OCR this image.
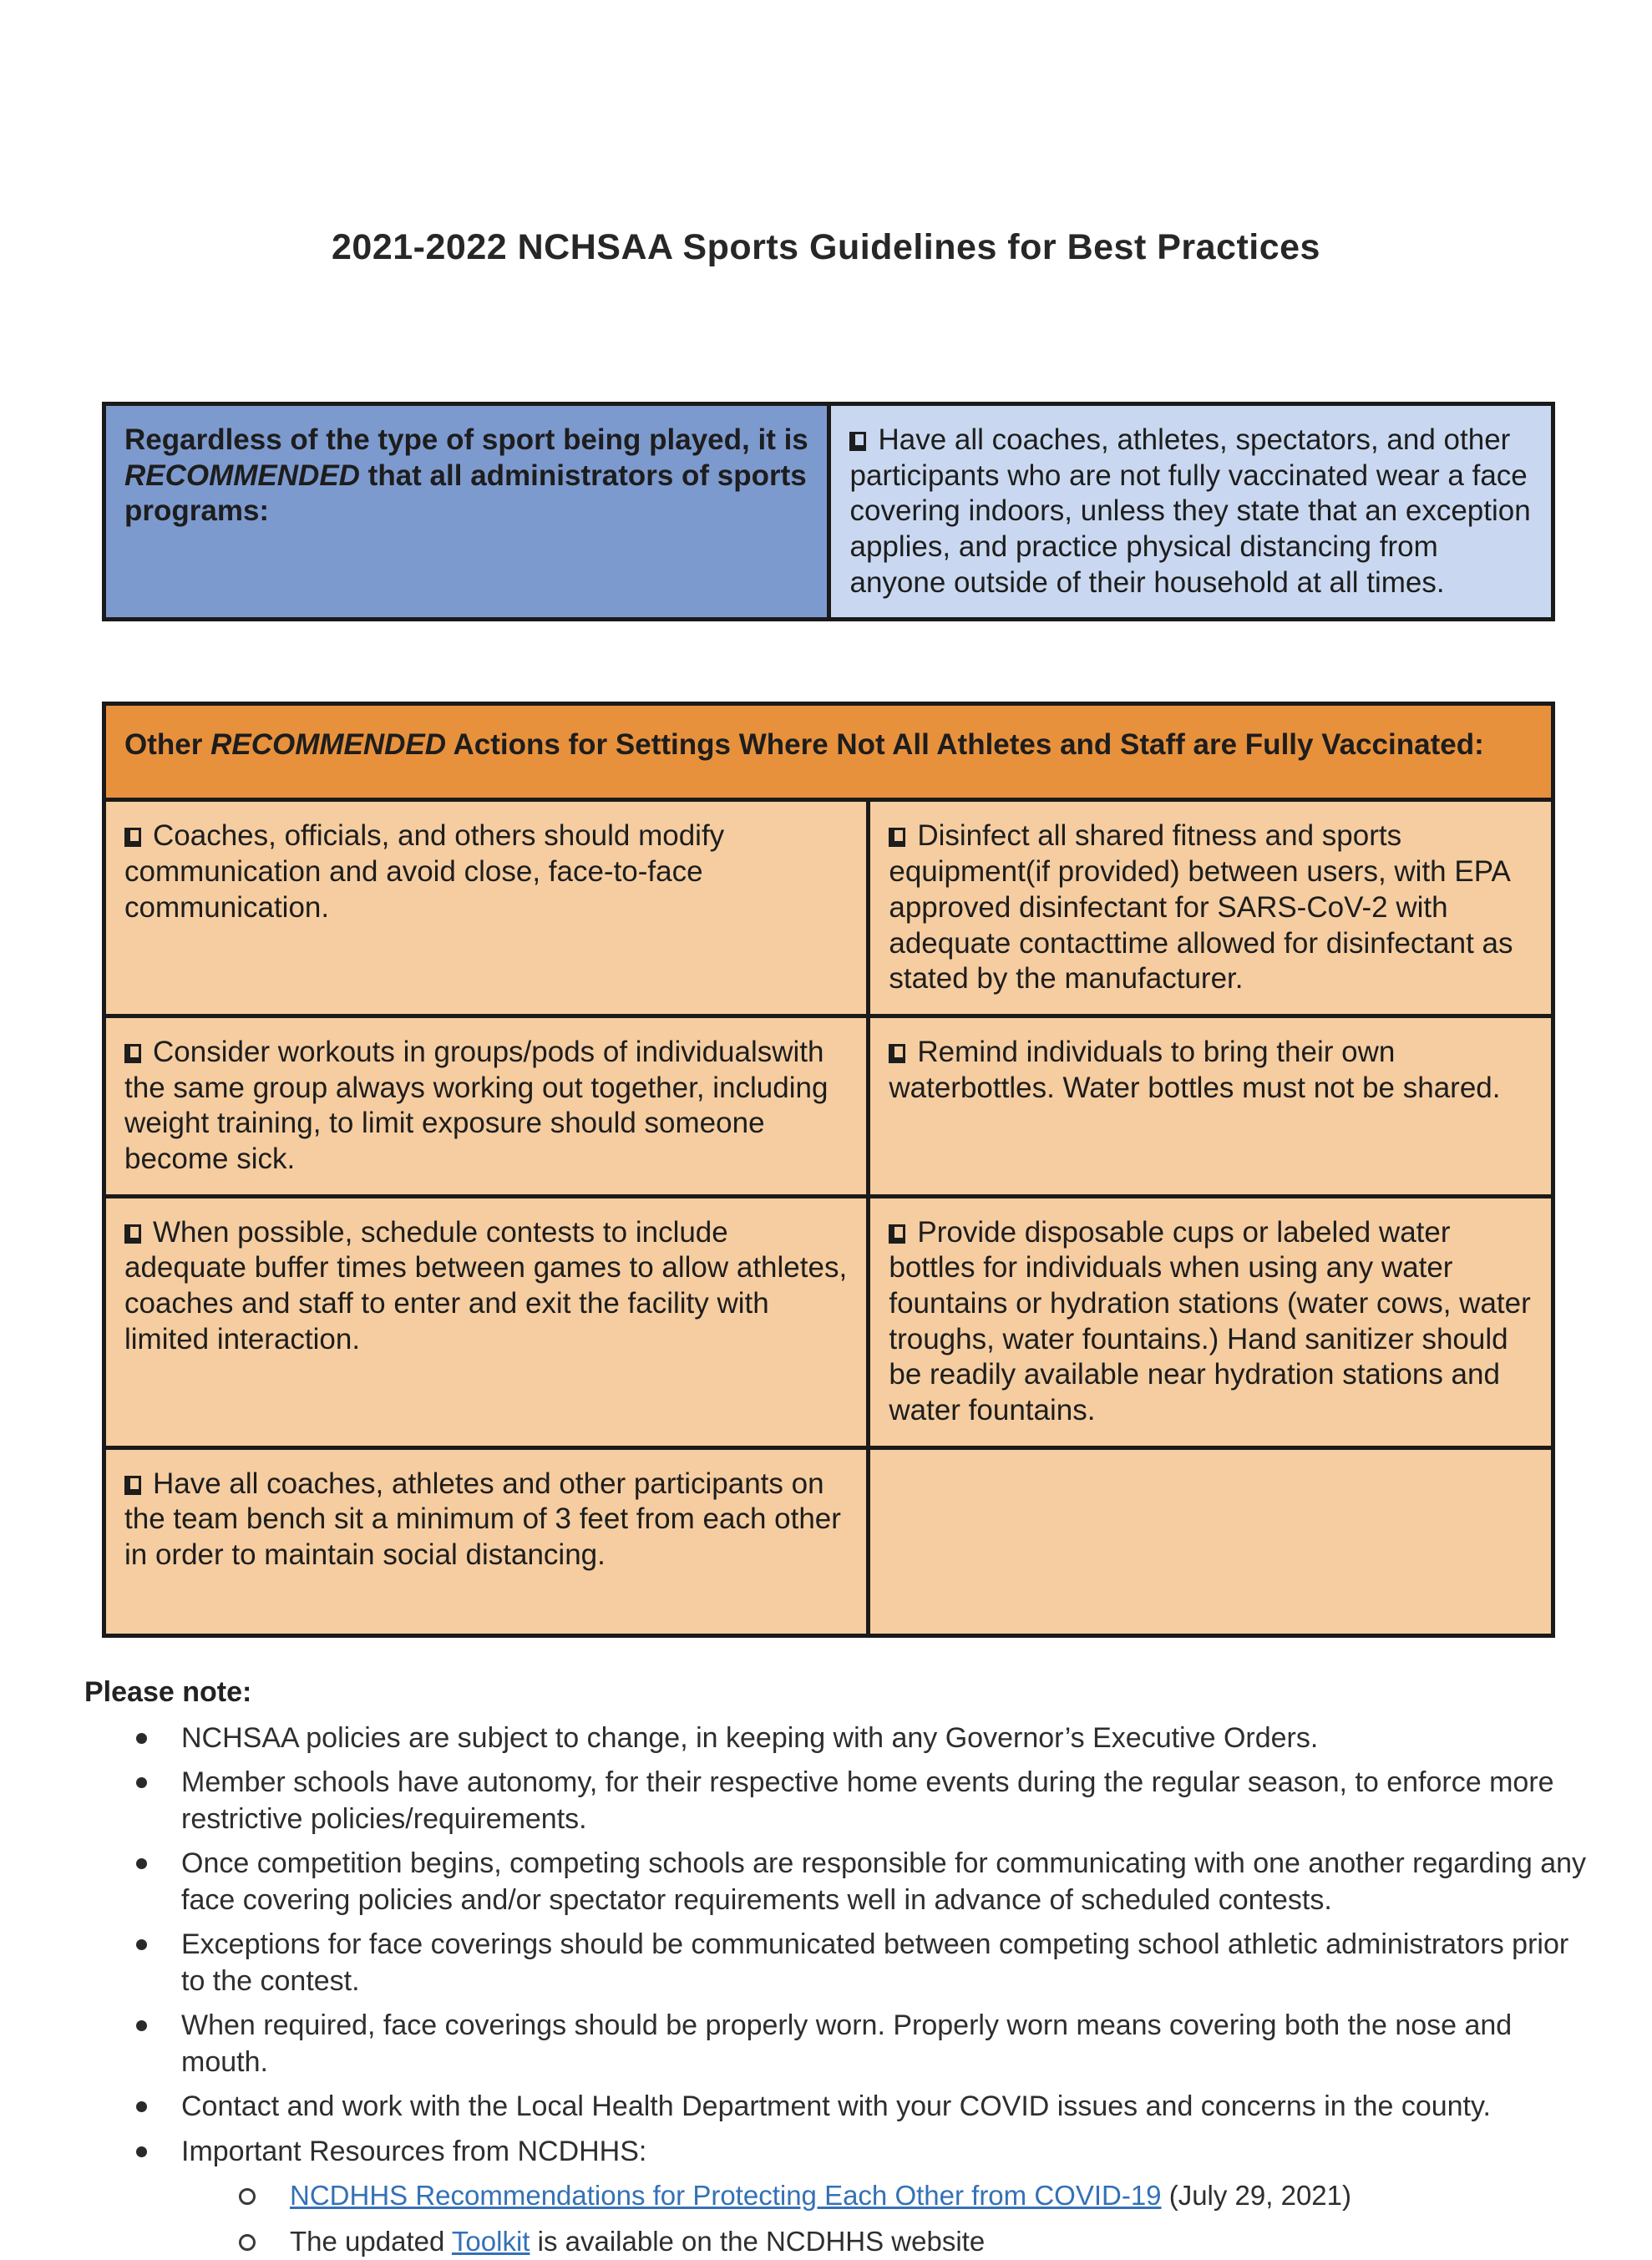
2021-2022 NCHSAA Sports Guidelines for Best Practices
Regardless of the type of sport being played, it is RECOMMENDED that all administrators of sports programs:
Have all coaches, athletes, spectators, and other participants who are not fully vaccinated wear a face covering indoors, unless they state that an exception applies, and practice physical distancing from anyone outside of their household at all times.
Other RECOMMENDED Actions for Settings Where Not All Athletes and Staff are Fully Vaccinated:
Coaches, officials, and others should modify communication and avoid close, face-to-face communication.
Disinfect all shared fitness and sports equipment(if provided) between users, with EPA approved disinfectant for SARS-CoV-2 with adequate contacttime allowed for disinfectant as stated by the manufacturer.
Consider workouts in groups/pods of individualswith the same group always working out together, including weight training, to limit exposure should someone become sick.
Remind individuals to bring their own waterbottles. Water bottles must not be shared.
When possible, schedule contests to include adequate buffer times between games to allow athletes, coaches and staff to enter and exit the facility with limited interaction.
Provide disposable cups or labeled water bottles for individuals when using any water fountains or hydration stations (water cows, water troughs, water fountains.) Hand sanitizer should be readily available near hydration stations and water fountains.
Have all coaches, athletes and other participants on the team bench sit a minimum of 3 feet from each other in order to maintain social distancing.
Please note:
NCHSAA policies are subject to change, in keeping with any Governor’s Executive Orders.
Member schools have autonomy, for their respective home events during the regular season, to enforce more restrictive policies/requirements.
Once competition begins, competing schools are responsible for communicating with one another regarding any face covering policies and/or spectator requirements well in advance of scheduled contests.
Exceptions for face coverings should be communicated between competing school athletic administrators prior to the contest.
When required, face coverings should be properly worn. Properly worn means covering both the nose and mouth.
Contact and work with the Local Health Department with your COVID issues and concerns in the county.
Important Resources from NCDHHS:
NCDHHS Recommendations for Protecting Each Other from COVID-19 (July 29, 2021)
The updated Toolkit is available on the NCDHHS website
